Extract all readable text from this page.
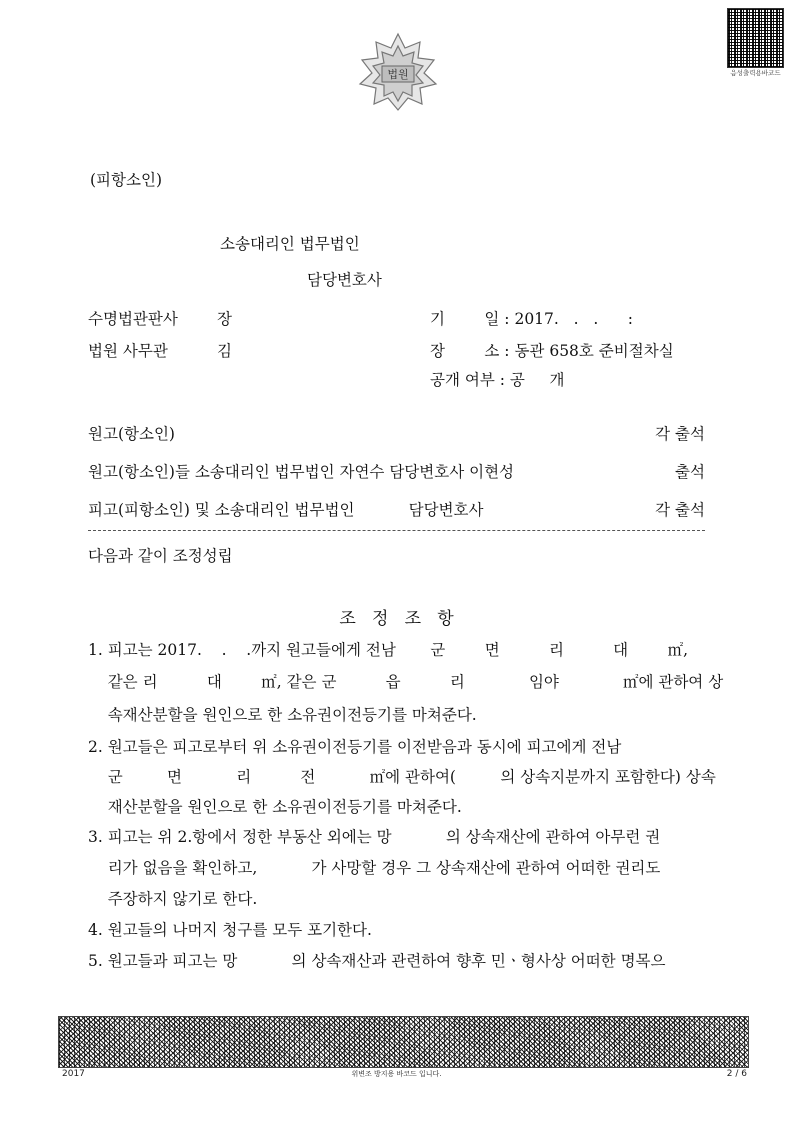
법원	음성출력용바코드
(피항소인)
소송대리인 법무법인
담당변호사
수명법관판사	장
법원 사무관	김
기        일 : 2017.   .   .      :
장        소 : 동관 658호 준비절차실
공개 여부 : 공     개
원고(항소인)	각 출석
원고(항소인)들 소송대리인 법무법인 자연수 담당변호사 이현성	출석
피고(피항소인) 및 소송대리인 법무법인           담당변호사	각 출석
다음과 같이 조정성립
조   정   조   항
1. 피고는 2017.    .    .까지 원고들에게 전남       군        면          리          대        ㎡,
같은 리          대        ㎡, 같은 군          읍          리             임야             ㎡에 관하여 상
속재산분할을 원인으로 한 소유권이전등기를 마쳐준다.
2. 원고들은 피고로부터 위 소유권이전등기를 이전받음과 동시에 피고에게 전남
군         면           리          전           ㎡에 관하여(         의 상속지분까지 포함한다) 상속
재산분할을 원인으로 한 소유권이전등기를 마쳐준다.
3. 피고는 위 2.항에서 정한 부동산 외에는 망           의 상속재산에 관하여 아무런 권
리가 없음을 확인하고,           가 사망할 경우 그 상속재산에 관하여 어떠한 권리도
주장하지 않기로 한다.
4. 원고들의 나머지 청구를 모두 포기한다.
5. 원고들과 피고는 망           의 상속재산과 관련하여 향후 민ㆍ형사상 어떠한 명목으
2017	위변조 방지용 바코드 입니다.	2 / 6
